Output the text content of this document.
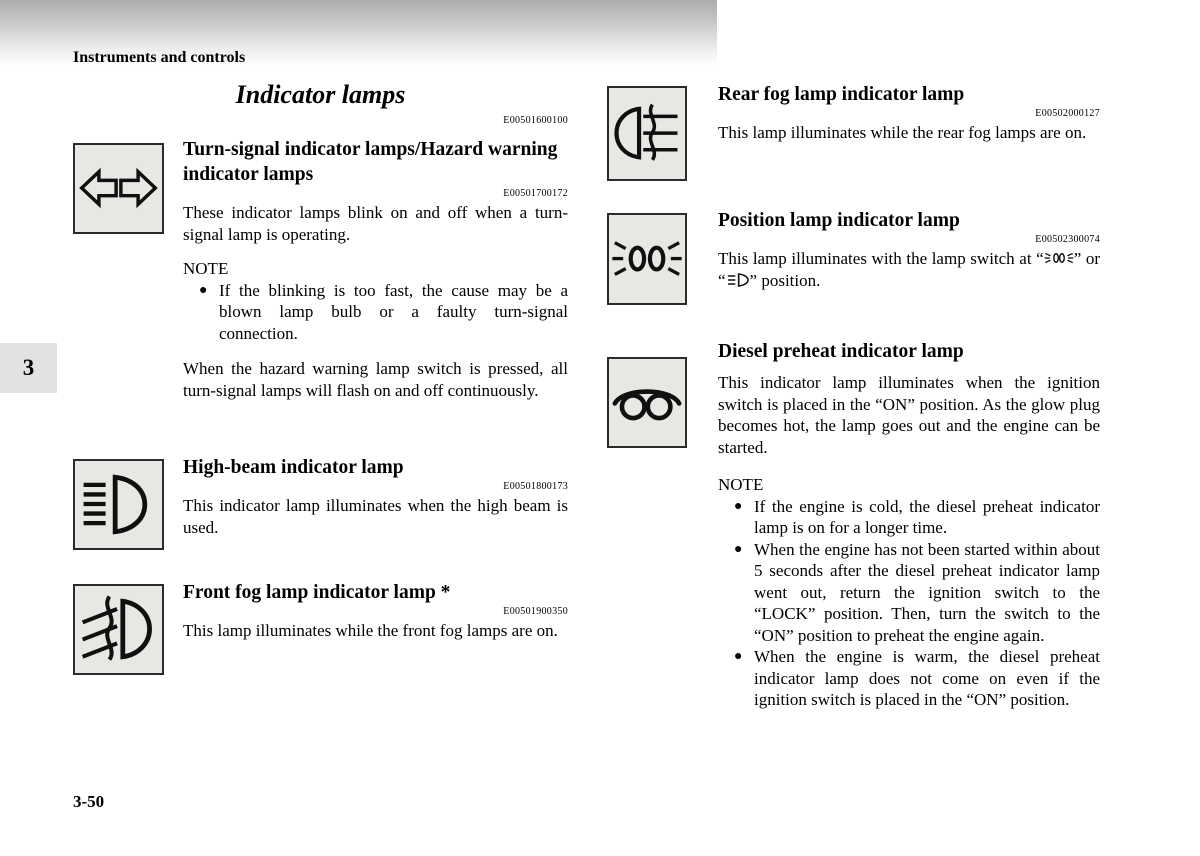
Instruments and controls
Indicator lamps
E00501600100
3
Turn-signal indicator lamps/Hazard warning indicator lamps
E00501700172

These indicator lamps blink on and off when a turn-signal lamp is operating.

NOTE
● If the blinking is too fast, the cause may be a blown lamp bulb or a faulty turn-signal connection.

When the hazard warning lamp switch is pressed, all turn-signal lamps will flash on and off continuously.

High-beam indicator lamp
E00501800173

This indicator lamp illuminates when the high beam is used.

Front fog lamp indicator lamp *
E00501900350

This lamp illuminates while the front fog lamps are on.

3-50
Rear fog lamp indicator lamp
E00502000127

This lamp illuminates while the rear fog lamps are on.

Position lamp indicator lamp
E00502300074

This lamp illuminates with the lamp switch at “ ” or “ ” position.

Diesel preheat indicator lamp

This indicator lamp illuminates when the ignition switch is placed in the “ON” position. As the glow plug becomes hot, the lamp goes out and the engine can be started.

NOTE
● If the engine is cold, the diesel preheat indicator lamp is on for a longer time.
● When the engine has not been started within about 5 seconds after the diesel preheat indicator lamp went out, return the ignition switch to the “LOCK” position. Then, turn the switch to the “ON” position to preheat the engine again.
● When the engine is warm, the diesel preheat indicator lamp does not come on even if the ignition switch is placed in the “ON” position.
